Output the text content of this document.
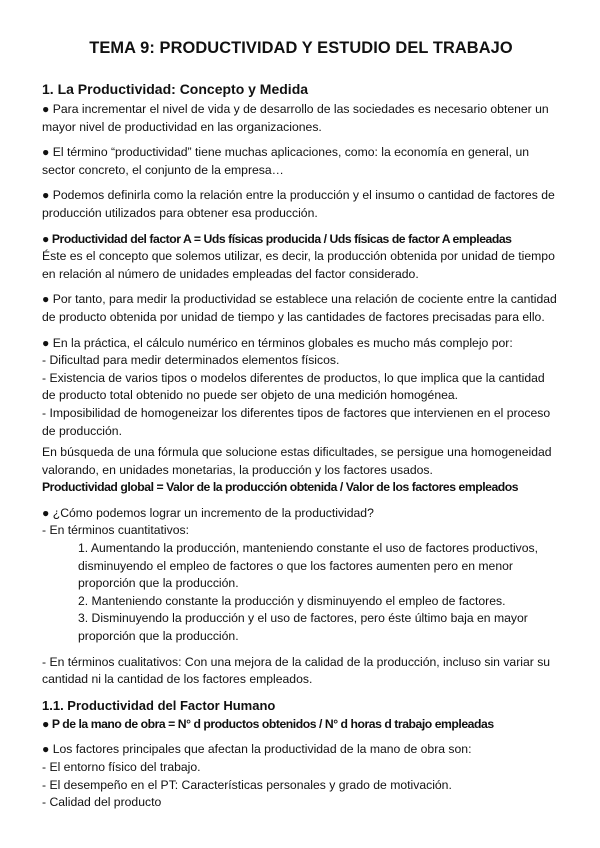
TEMA 9: PRODUCTIVIDAD Y ESTUDIO DEL TRABAJO
1. La Productividad: Concepto y Medida

● Para incrementar el nivel de vida y de desarrollo de las sociedades es necesario obtener un mayor nivel de productividad en las organizaciones.

● El término “productividad” tiene muchas aplicaciones, como: la economía en general, un sector concreto, el conjunto de la empresa…

● Podemos definirla como la relación entre la producción y el insumo o cantidad de factores de producción utilizados para obtener esa producción.

● Productividad del factor A = Uds físicas producida / Uds físicas de factor A empleadas

Éste es el concepto que solemos utilizar, es decir, la producción obtenida por unidad de tiempo en relación al número de unidades empleadas del factor considerado.

● Por tanto, para medir la productividad se establece una relación de cociente entre la cantidad de producto obtenida por unidad de tiempo y las cantidades de factores precisadas para ello.

● En la práctica, el cálculo numérico en términos globales es mucho más complejo por:

- Dificultad para medir determinados elementos físicos.

- Existencia de varios tipos o modelos diferentes de productos, lo que implica que la cantidad de producto total obtenido no puede ser objeto de una medición homogénea.

- Imposibilidad de homogeneizar los diferentes tipos de factores que intervienen en el proceso de producción.

En búsqueda de una fórmula que solucione estas dificultades, se persigue una homogeneidad valorando, en unidades monetarias, la producción y los factores usados.

Productividad global = Valor de la producción obtenida / Valor de los factores empleados

● ¿Cómo podemos lograr un incremento de la productividad?

- En términos cuantitativos:

1. Aumentando la producción, manteniendo constante el uso de factores productivos, disminuyendo el empleo de factores o que los factores aumenten pero en menor proporción que la producción.
2. Manteniendo constante la producción y disminuyendo el empleo de factores.
3. Disminuyendo la producción y el uso de factores, pero éste último baja en mayor proporción que la producción.

- En términos cualitativos: Con una mejora de la calidad de la producción, incluso sin variar su cantidad ni la cantidad de los factores empleados.

1.1. Productividad del Factor Humano

● P de la mano de obra = N° d productos obtenidos / N° d horas d trabajo empleadas

● Los factores principales que afectan la productividad de la mano de obra son:

- El entorno físico del trabajo.

- El desempeño en el PT: Características personales y grado de motivación.

- Calidad del producto
